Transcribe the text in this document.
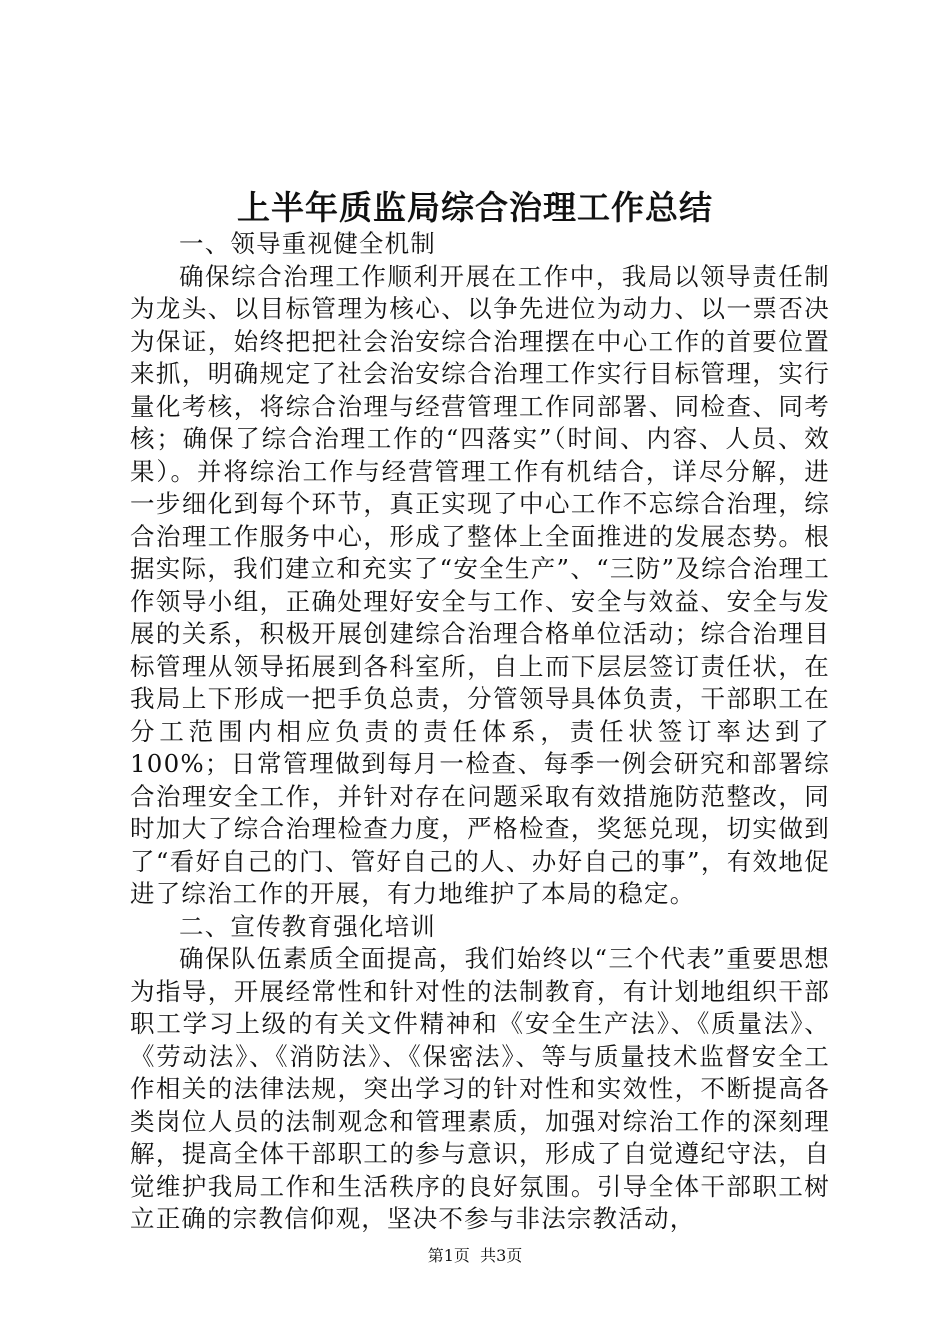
上半年质监局综合治理工作总结

一、领导重视健全机制

确保综合治理工作顺利开展在工作中，我局以领导责任制为龙头、以目标管理为核心、以争先进位为动力、以一票否决为保证，始终把把社会治安综合治理摆在中心工作的首要位置来抓，明确规定了社会治安综合治理工作实行目标管理，实行量化考核，将综合治理与经营管理工作同部署、同检查、同考核；确保了综合治理工作的“四落实”（时间、内容、人员、效果）。并将综治工作与经营管理工作有机结合，详尽分解，进一步细化到每个环节，真正实现了中心工作不忘综合治理，综合治理工作服务中心，形成了整体上全面推进的发展态势。根据实际，我们建立和充实了“安全生产”、“三防”及综合治理工作领导小组，正确处理好安全与工作、安全与效益、安全与发展的关系，积极开展创建综合治理合格单位活动；综合治理目标管理从领导拓展到各科室所，自上而下层层签订责任状，在我局上下形成一把手负总责，分管领导具体负责，干部职工在分工范围内相应负责的责任体系，责任状签订率达到了100%；日常管理做到每月一检查、每季一例会研究和部署综合治理安全工作，并针对存在问题采取有效措施防范整改，同时加大了综合治理检查力度，严格检查，奖惩兑现，切实做到了“看好自己的门、管好自己的人、办好自己的事”，有效地促进了综治工作的开展，有力地维护了本局的稳定。

二、宣传教育强化培训

确保队伍素质全面提高，我们始终以“三个代表”重要思想为指导，开展经常性和针对性的法制教育，有计划地组织干部职工学习上级的有关文件精神和《安全生产法》、《质量法》、《劳动法》、《消防法》、《保密法》、等与质量技术监督安全工作相关的法律法规，突出学习的针对性和实效性，不断提高各类岗位人员的法制观念和管理素质，加强对综治工作的深刻理解，提高全体干部职工的参与意识，形成了自觉遵纪守法，自觉维护我局工作和生活秩序的良好氛围。引导全体干部职工树立正确的宗教信仰观，坚决不参与非法宗教活动，

第1页  共3页
